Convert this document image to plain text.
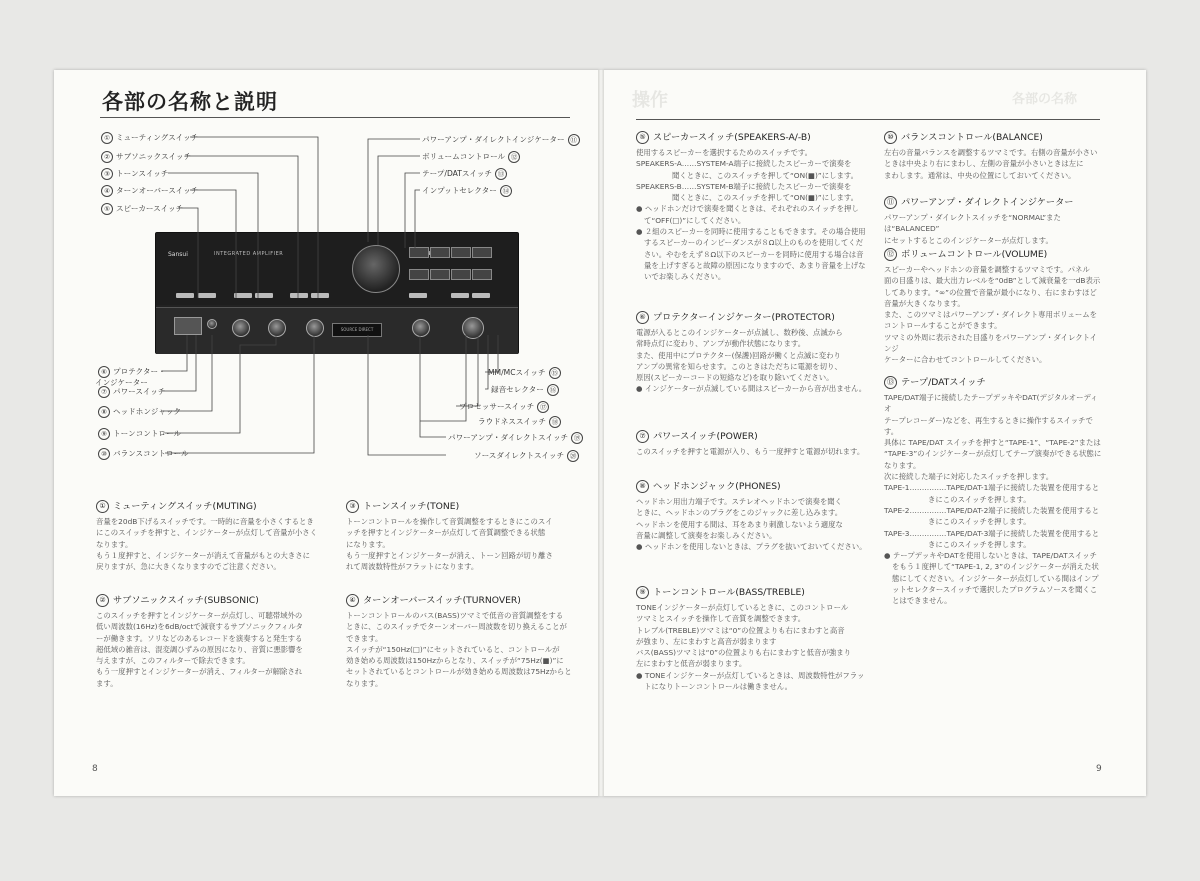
操作	各部の名称
各部の名称と説明
Sansui	INTEGRATED AMPLIFIER
SOURCE DIRECT
① ミューティングスイッチ
② サブソニックスイッチ
③ トーンスイッチ
④ ターンオーバースイッチ
⑤ スピーカースイッチ
パワーアンプ・ダイレクトインジケーター ⑪
ボリュームコントロール ⑫
テープ/DATスイッチ ⑬
インプットセレクター ⑭
⑥ プロテクター・インジケーター
⑦ パワースイッチ
⑧ ヘッドホンジャック
⑨ トーンコントロール
⑩ バランスコントロール
MM/MCスイッチ ⑮
録音セレクター ⑯
プロセッサースイッチ ⑰
ラウドネススイッチ ⑱
パワーアンプ・ダイレクトスイッチ ⑲
ソースダイレクトスイッチ ⑳
① ミューティングスイッチ(MUTING)

音量を20dB下げるスイッチです。一時的に音量を小さくするとき

にこのスイッチを押すと、インジケーターが点灯して音量が小さく

なります。

もう１度押すと、インジケーターが消えて音量がもとの大きさに

戻りますが、急に大きくなりますのでご注意ください。

② サブソニックスイッチ(SUBSONIC)

このスイッチを押すとインジケーターが点灯し、可聴帯域外の

低い周波数(16Hz)を6dB/octで減衰するサブソニックフィルタ

ーが働きます。ソリなどのあるレコードを演奏すると発生する

超低域の雑音は、混変調ひずみの原因になり、音質に悪影響を

与えますが、このフィルターで除去できます。

もう一度押すとインジケーターが消え、フィルターが解除され

ます。

③ トーンスイッチ(TONE)

トーンコントロールを操作して音質調整をするときにこのスイ

ッチを押すとインジケーターが点灯して音質調整できる状態

になります。

もう一度押すとインジケーターが消え、トーン回路が切り離さ

れて周波数特性がフラットになります。

④ ターンオーバースイッチ(TURNOVER)

トーンコントロールのバス(BASS)ツマミで低音の音質調整をする

ときに、このスイッチでターンオーバー周波数を切り換えることが

できます。

スイッチが“150Hz(□)”にセットされていると、コントロールが

効き始める周波数は150Hzからとなり、スイッチが“75Hz(■)”に

セットされているとコントロールが効き始める周波数は75Hzからと

なります。

8
⑤ スピーカースイッチ(SPEAKERS-A/-B)

使用するスピーカーを選択するためのスイッチです。

SPEAKERS-A……SYSTEM-A端子に接続したスピーカーで演奏を

聞くときに、このスイッチを押して“ON(■)”にします。

SPEAKERS-B……SYSTEM-B端子に接続したスピーカーで演奏を

聞くときに、このスイッチを押して“ON(■)”にします。

● ヘッドホンだけで演奏を聞くときは、それぞれのスイッチを押して“OFF(□)”にしてください。

● ２組のスピーカーを同時に使用することもできます。その場合使用するスピーカーのインピーダンスが８Ω以上のものを使用してください。やむをえず８Ω以下のスピーカーを同時に使用する場合は音量を上げすぎると故障の原因になりますので、あまり音量を上げないでお楽しみください。

⑥ プロテクターインジケーター(PROTECTOR)

電源が入るとこのインジケーターが点滅し、数秒後、点滅から

常時点灯に変わり、アンプが動作状態になります。

また、使用中にプロテクター(保護)回路が働くと点滅に変わり

アンプの異常を知らせます。このときはただちに電源を切り、

原因(スピーカーコードの短絡など)を取り除いてください。

● インジケーターが点滅している間はスピーカーから音が出ません。

⑦ パワースイッチ(POWER)

このスイッチを押すと電源が入り、もう一度押すと電源が切れます。

⑧ ヘッドホンジャック(PHONES)

ヘッドホン用出力端子です。ステレオヘッドホンで演奏を聞く

ときに、ヘッドホンのプラグをこのジャックに差し込みます。

ヘッドホンを使用する間は、耳をあまり刺激しないよう適度な

音量に調整して演奏をお楽しみください。

● ヘッドホンを使用しないときは、プラグを抜いておいてください。

⑨ トーンコントロール(BASS/TREBLE)

TONEインジケーターが点灯しているときに、このコントロール

ツマミとスイッチを操作して音質を調整できます。

トレブル(TREBLE)ツマミは“0”の位置よりも右にまわすと高音

が強まり、左にまわすと高音が弱まります

バス(BASS)ツマミは“0”の位置よりも右にまわすと低音が強まり

左にまわすと低音が弱まります。

● TONEインジケーターが点灯しているときは、周波数特性がフラットになりトーンコントロールは働きません。

⑩ バランスコントロール(BALANCE)

左右の音量バランスを調整するツマミです。右側の音量が小さい

ときは中央より右にまわし、左側の音量が小さいときは左に

まわします。通常は、中央の位置にしておいてください。

⑪ パワーアンプ・ダイレクトインジケーター

パワーアンプ・ダイレクトスイッチを“NORMAL”または“BALANCED”

にセットするとこのインジケーターが点灯します。

⑫ ボリュームコントロール(VOLUME)

スピーカーやヘッドホンの音量を調整するツマミです。パネル

面の目盛りは、最大出力レベルを“0dB”として減衰量を一dB表示

してあります。“∞”の位置で音量が最小になり、右にまわすほど

音量が大きくなります。

また、このツマミはパワーアンプ・ダイレクト専用ボリュームを

コントロールすることができます。

ツマミの外周に表示された目盛りをパワーアンプ・ダイレクトインジ

ケーターに合わせてコントロールしてください。

⑬ テープ/DATスイッチ

TAPE/DAT端子に接続したテープデッキやDAT(デジタルオーディオ

テープレコーダー)などを、再生するときに操作するスイッチです。

具体に TAPE/DAT スイッチを押すと“TAPE-1”、“TAPE-2”または

“TAPE-3”のインジケーターが点灯してテープ演奏ができる状態に

なります。

次に接続した端子に対応したスイッチを押します。

TAPE-1……………TAPE/DAT-1端子に接続した装置を使用するときにこのスイッチを押します。

TAPE-2……………TAPE/DAT-2端子に接続した装置を使用するときにこのスイッチを押します。

TAPE-3……………TAPE/DAT-3端子に接続した装置を使用するときにこのスイッチを押します。

● テープデッキやDATを使用しないときは、TAPE/DATスイッチをもう１度押して“TAPE-1, 2, 3”のインジケーターが消えた状態にしてください。インジケーターが点灯している間はインプットセレクタースイッチで選択したプログラムソースを聞くことはできません。

9
